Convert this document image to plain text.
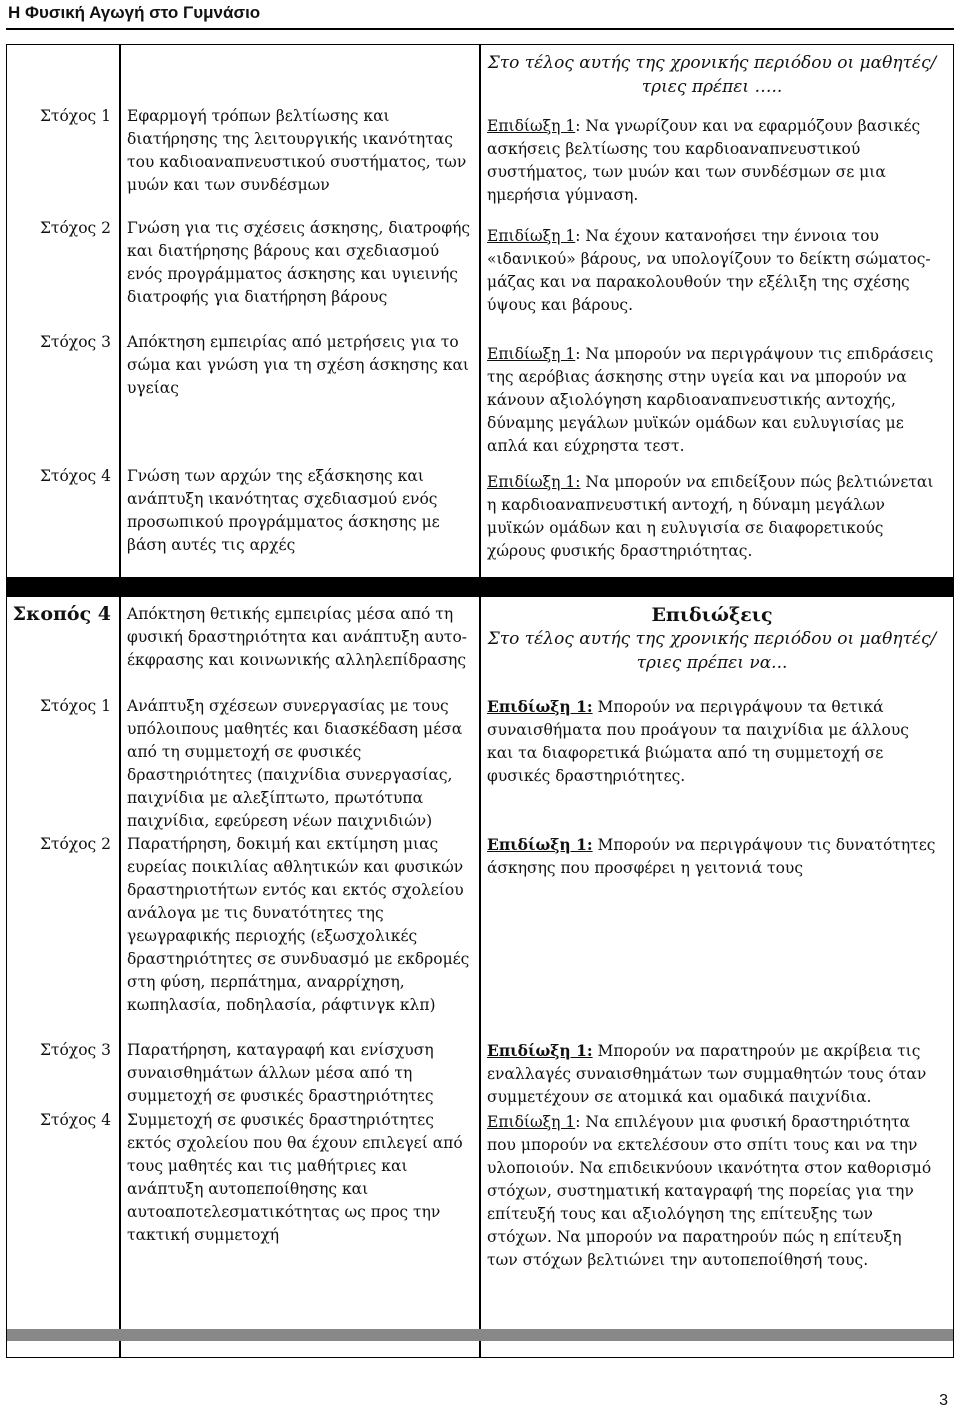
Η Φυσική Αγωγή στο Γυμνάσιο
Στο τέλος αυτής της χρονικής περιόδου οι μαθητές/τριες πρέπει …..
Στόχος 1 Εφαρμογή τρόπων βελτίωσης και διατήρησης της λειτουργικής ικανότητας του καδιοαναπνευστικού συστήματος, των μυών και των συνδέσμων
Επιδίωξη 1: Να γνωρίζουν και να εφαρμόζουν βασικές ασκήσεις βελτίωσης του καρδιοαναπνευστικού συστήματος, των μυών και των συνδέσμων σε μια ημερήσια γύμναση.
Στόχος 2 Γνώση για τις σχέσεις άσκησης, διατροφής και διατήρησης βάρους και σχεδιασμού ενός προγράμματος άσκησης και υγιεινής διατροφής για διατήρηση βάρους
Επιδίωξη 1: Να έχουν κατανοήσει την έννοια του «ιδανικού» βάρους, να υπολογίζουν το δείκτη σώματος-μάζας και να παρακολουθούν την εξέλιξη της σχέσης ύψους και βάρους.
Στόχος 3 Απόκτηση εμπειρίας από μετρήσεις για το σώμα και γνώση για τη σχέση άσκησης και υγείας
Επιδίωξη 1: Να μπορούν να περιγράψουν τις επιδράσεις της αερόβιας άσκησης στην υγεία και να μπορούν να κάνουν αξιολόγηση καρδιοαναπνευστικής αντοχής, δύναμης μεγάλων μυϊκών ομάδων και ευλυγισίας με απλά και εύχρηστα τεστ.
Στόχος 4 Γνώση των αρχών της εξάσκησης και ανάπτυξη ικανότητας σχεδιασμού ενός προσωπικού προγράμματος άσκησης με βάση αυτές τις αρχές
Επιδίωξη 1: Να μπορούν να επιδείξουν πώς βελτιώνεται η καρδιοαναπνευστική αντοχή, η δύναμη μεγάλων μυϊκών ομάδων και η ευλυγισία σε διαφορετικούς χώρους φυσικής δραστηριότητας.
Σκοπός 4 Απόκτηση θετικής εμπειρίας μέσα από τη φυσική δραστηριότητα και ανάπτυξη αυτο-έκφρασης και κοινωνικής αλληλεπίδρασης
Επιδιώξεις
Στο τέλος αυτής της χρονικής περιόδου οι μαθητές/τριες πρέπει να...
Στόχος 1 Ανάπτυξη σχέσεων συνεργασίας με τους υπόλοιπους μαθητές και διασκέδαση μέσα από τη συμμετοχή σε φυσικές δραστηριότητες (παιχνίδια συνεργασίας, παιχνίδια με αλεξίπτωτο, πρωτότυπα παιχνίδια, εφεύρεση νέων παιχνιδιών)
Επιδίωξη 1: Μπορούν να περιγράψουν τα θετικά συναισθήματα που προάγουν τα παιχνίδια με άλλους και τα διαφορετικά βιώματα από τη συμμετοχή σε φυσικές δραστηριότητες.
Στόχος 2 Παρατήρηση, δοκιμή και εκτίμηση μιας ευρείας ποικιλίας αθλητικών και φυσικών δραστηριοτήτων εντός και εκτός σχολείου ανάλογα με τις δυνατότητες της γεωγραφικής περιοχής (εξωσχολικές δραστηριότητες σε συνδυασμό με εκδρομές στη φύση, περπάτημα, αναρρίχηση, κωπηλασία, ποδηλασία, ράφτινγκ κλπ)
Επιδίωξη 1: Μπορούν να περιγράψουν τις δυνατότητες άσκησης που προσφέρει η γειτονιά τους
Στόχος 3 Παρατήρηση, καταγραφή και ενίσχυση συναισθημάτων άλλων μέσα από τη συμμετοχή σε φυσικές δραστηριότητες
Επιδίωξη 1: Μπορούν να παρατηρούν με ακρίβεια τις εναλλαγές συναισθημάτων των συμμαθητών τους όταν συμμετέχουν σε ατομικά και ομαδικά παιχνίδια.
Στόχος 4 Συμμετοχή σε φυσικές δραστηριότητες εκτός σχολείου που θα έχουν επιλεγεί από τους μαθητές και τις μαθήτριες και ανάπτυξη αυτοπεποίθησης και αυτοαποτελεσματικότητας ως προς την τακτική συμμετοχή
Επιδίωξη 1: Να επιλέγουν μια φυσική δραστηριότητα που μπορούν να εκτελέσουν στο σπίτι τους και να την υλοποιούν. Να επιδεικνύουν ικανότητα στον καθορισμό στόχων, συστηματική καταγραφή της πορείας για την επίτευξή τους και αξιολόγηση της επίτευξης των στόχων. Να μπορούν να παρατηρούν πώς η επίτευξη των στόχων βελτιώνει την αυτοπεποίθησή τους.
3
